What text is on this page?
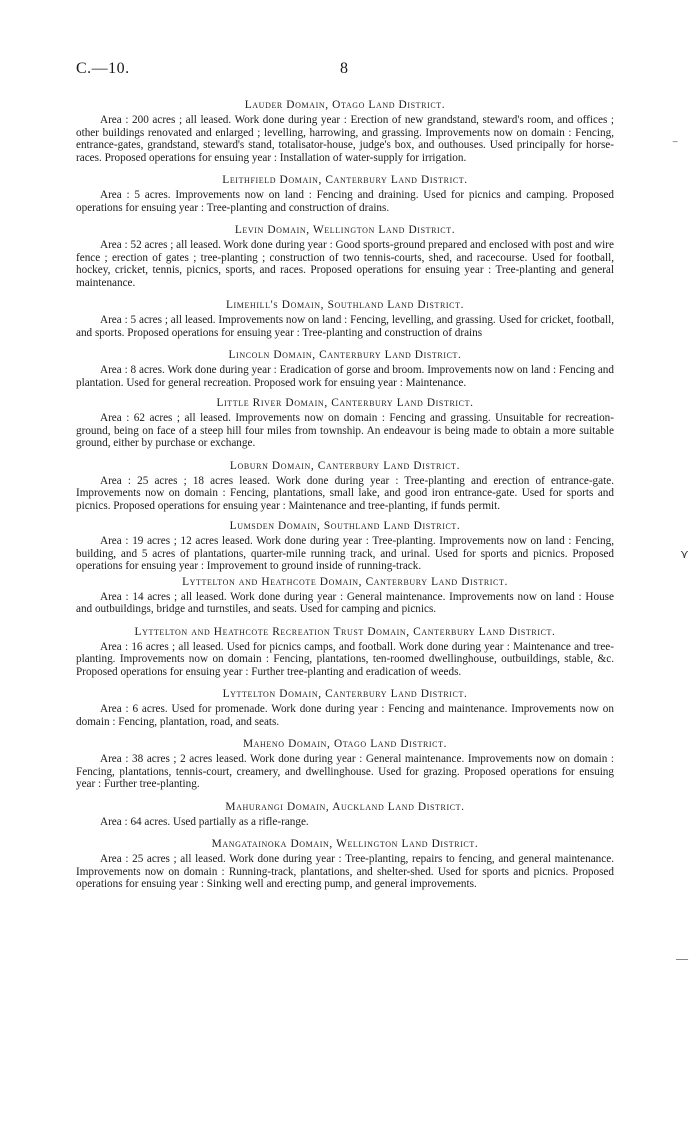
C.—10.	8
⁻
⋎
—
Lauder Domain, Otago Land District.
Area : 200 acres ; all leased. Work done during year : Erection of new grandstand, steward's room, and offices ; other buildings renovated and enlarged ; levelling, harrowing, and grassing. Improvements now on domain : Fencing, entrance-gates, grandstand, steward's stand, totalisator-house, judge's box, and outhouses. Used principally for horse-races. Proposed operations for ensuing year : Installation of water-supply for irrigation.
Leithfield Domain, Canterbury Land District.
Area : 5 acres. Improvements now on land : Fencing and draining. Used for picnics and camping. Proposed operations for ensuing year : Tree-planting and construction of drains.
Levin Domain, Wellington Land District.
Area : 52 acres ; all leased. Work done during year : Good sports-ground prepared and enclosed with post and wire fence ; erection of gates ; tree-planting ; construction of two tennis-courts, shed, and racecourse. Used for football, hockey, cricket, tennis, picnics, sports, and races. Proposed operations for ensuing year : Tree-planting and general maintenance.
Limehill's Domain, Southland Land District.
Area : 5 acres ; all leased. Improvements now on land : Fencing, levelling, and grassing. Used for cricket, football, and sports. Proposed operations for ensuing year : Tree-planting and construction of drains
Lincoln Domain, Canterbury Land District.
Area : 8 acres. Work done during year : Eradication of gorse and broom. Improvements now on land : Fencing and plantation. Used for general recreation. Proposed work for ensuing year : Maintenance.
Little River Domain, Canterbury Land District.
Area : 62 acres ; all leased. Improvements now on domain : Fencing and grassing. Unsuitable for recreation-ground, being on face of a steep hill four miles from township. An endeavour is being made to obtain a more suitable ground, either by purchase or exchange.
Loburn Domain, Canterbury Land District.
Area : 25 acres ; 18 acres leased. Work done during year : Tree-planting and erection of entrance-gate. Improvements now on domain : Fencing, plantations, small lake, and good iron entrance-gate. Used for sports and picnics. Proposed operations for ensuing year : Maintenance and tree-planting, if funds permit.
Lumsden Domain, Southland Land District.
Area : 19 acres ; 12 acres leased. Work done during year : Tree-planting. Improvements now on land : Fencing, building, and 5 acres of plantations, quarter-mile running track, and urinal. Used for sports and picnics. Proposed operations for ensuing year : Improvement to ground inside of running-track.
Lyttelton and Heathcote Domain, Canterbury Land District.
Area : 14 acres ; all leased. Work done during year : General maintenance. Improvements now on land : House and outbuildings, bridge and turnstiles, and seats. Used for camping and picnics.
Lyttelton and Heathcote Recreation Trust Domain, Canterbury Land District.
Area : 16 acres ; all leased. Used for picnics camps, and football. Work done during year : Maintenance and tree-planting. Improvements now on domain : Fencing, plantations, ten-roomed dwellinghouse, outbuildings, stable, &c. Proposed operations for ensuing year : Further tree-planting and eradication of weeds.
Lyttelton Domain, Canterbury Land District.
Area : 6 acres. Used for promenade. Work done during year : Fencing and maintenance. Improvements now on domain : Fencing, plantation, road, and seats.
Maheno Domain, Otago Land District.
Area : 38 acres ; 2 acres leased. Work done during year : General maintenance. Improvements now on domain : Fencing, plantations, tennis-court, creamery, and dwellinghouse. Used for grazing. Proposed operations for ensuing year : Further tree-planting.
Mahurangi Domain, Auckland Land District.
Area : 64 acres. Used partially as a rifle-range.
Mangataınoka Domain, Wellington Land District.
Area : 25 acres ; all leased. Work done during year : Tree-planting, repairs to fencing, and general maintenance. Improvements now on domain : Running-track, plantations, and shelter-shed. Used for sports and picnics. Proposed operations for ensuing year : Sinking well and erecting pump, and general improvements.
